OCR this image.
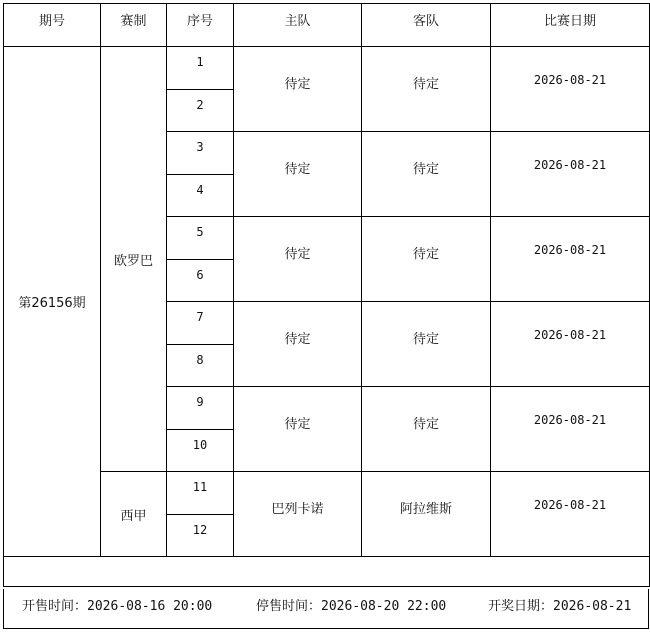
期号	赛制	序号	主队	客队	比赛日期
第26156期	欧罗巴	1	待定	待定	2026-08-21
		2			
		3	待定	待定	2026-08-21
		4			
		5	待定	待定	2026-08-21
		6			
		7	待定	待定	2026-08-21
		8			
		9	待定	待定	2026-08-21
		10			
	西甲	11	巴列卡诺	阿拉维斯	2026-08-21
		12			

开售时间：2026-08-16 20:00	停售时间：2026-08-20 22:00	开奖日期：2026-08-21
